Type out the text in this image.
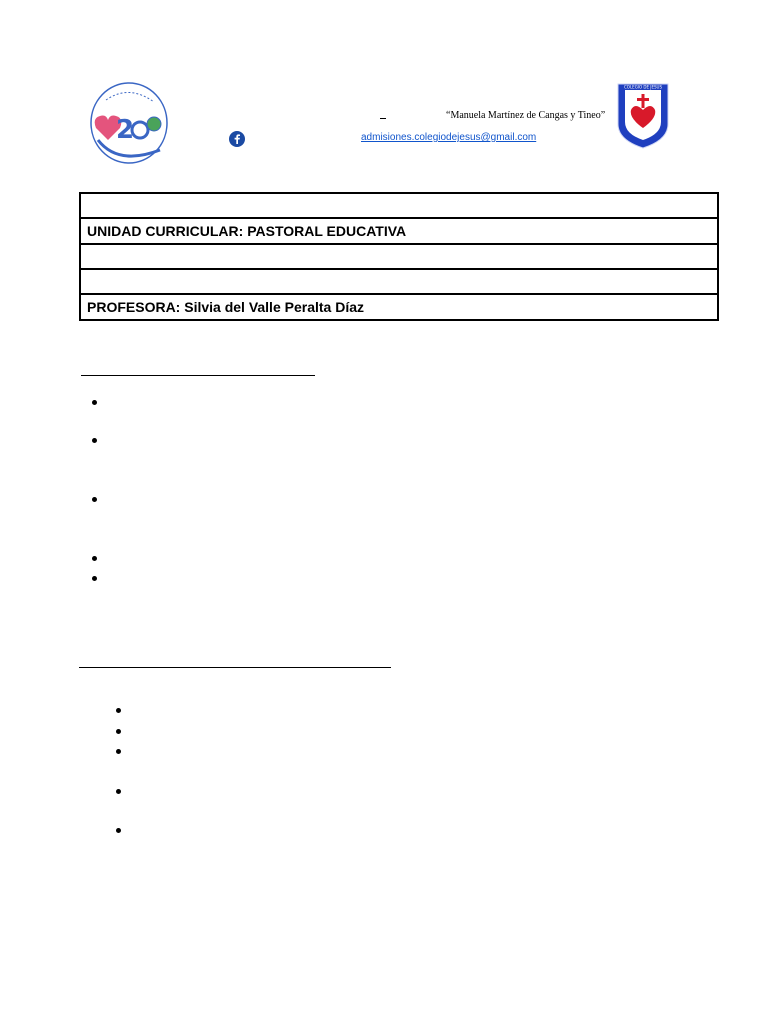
2	“Manuela Martínez de Cangas y Tineo”
admisiones.colegiodejesus@gmail.com
COLEGIO DE JESUS

UNIDAD CURRICULAR: PASTORAL EDUCATIVA

PROFESORA: Silvia del Valle Peralta Díaz
